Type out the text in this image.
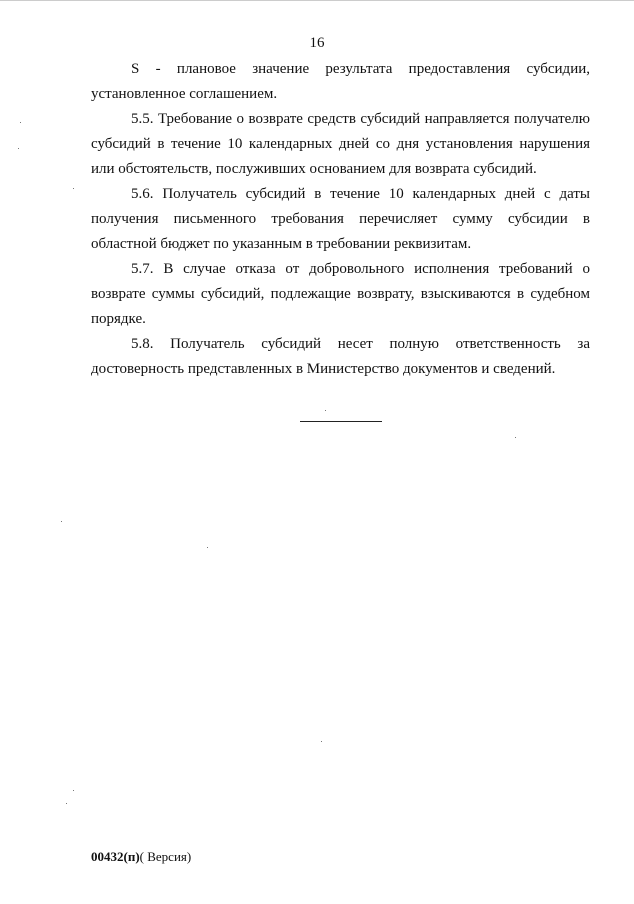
16

S - плановое значение результата предоставления субсидии, установленное соглашением.

5.5. Требование о возврате средств субсидий направляется получателю субсидий в течение 10 календарных дней со дня установления нарушения или обстоятельств, послуживших основанием для возврата субсидий.

5.6. Получатель субсидий в течение 10 календарных дней с даты получения письменного требования перечисляет сумму субсидии в областной бюджет по указанным в требовании реквизитам.

5.7. В случае отказа от добровольного исполнения требований о возврате суммы субсидий, подлежащие возврату, взыскиваются в судебном порядке.

5.8. Получатель субсидий несет полную ответственность за достоверность представленных в Министерство документов и сведений.

00432(п)( Версия)
